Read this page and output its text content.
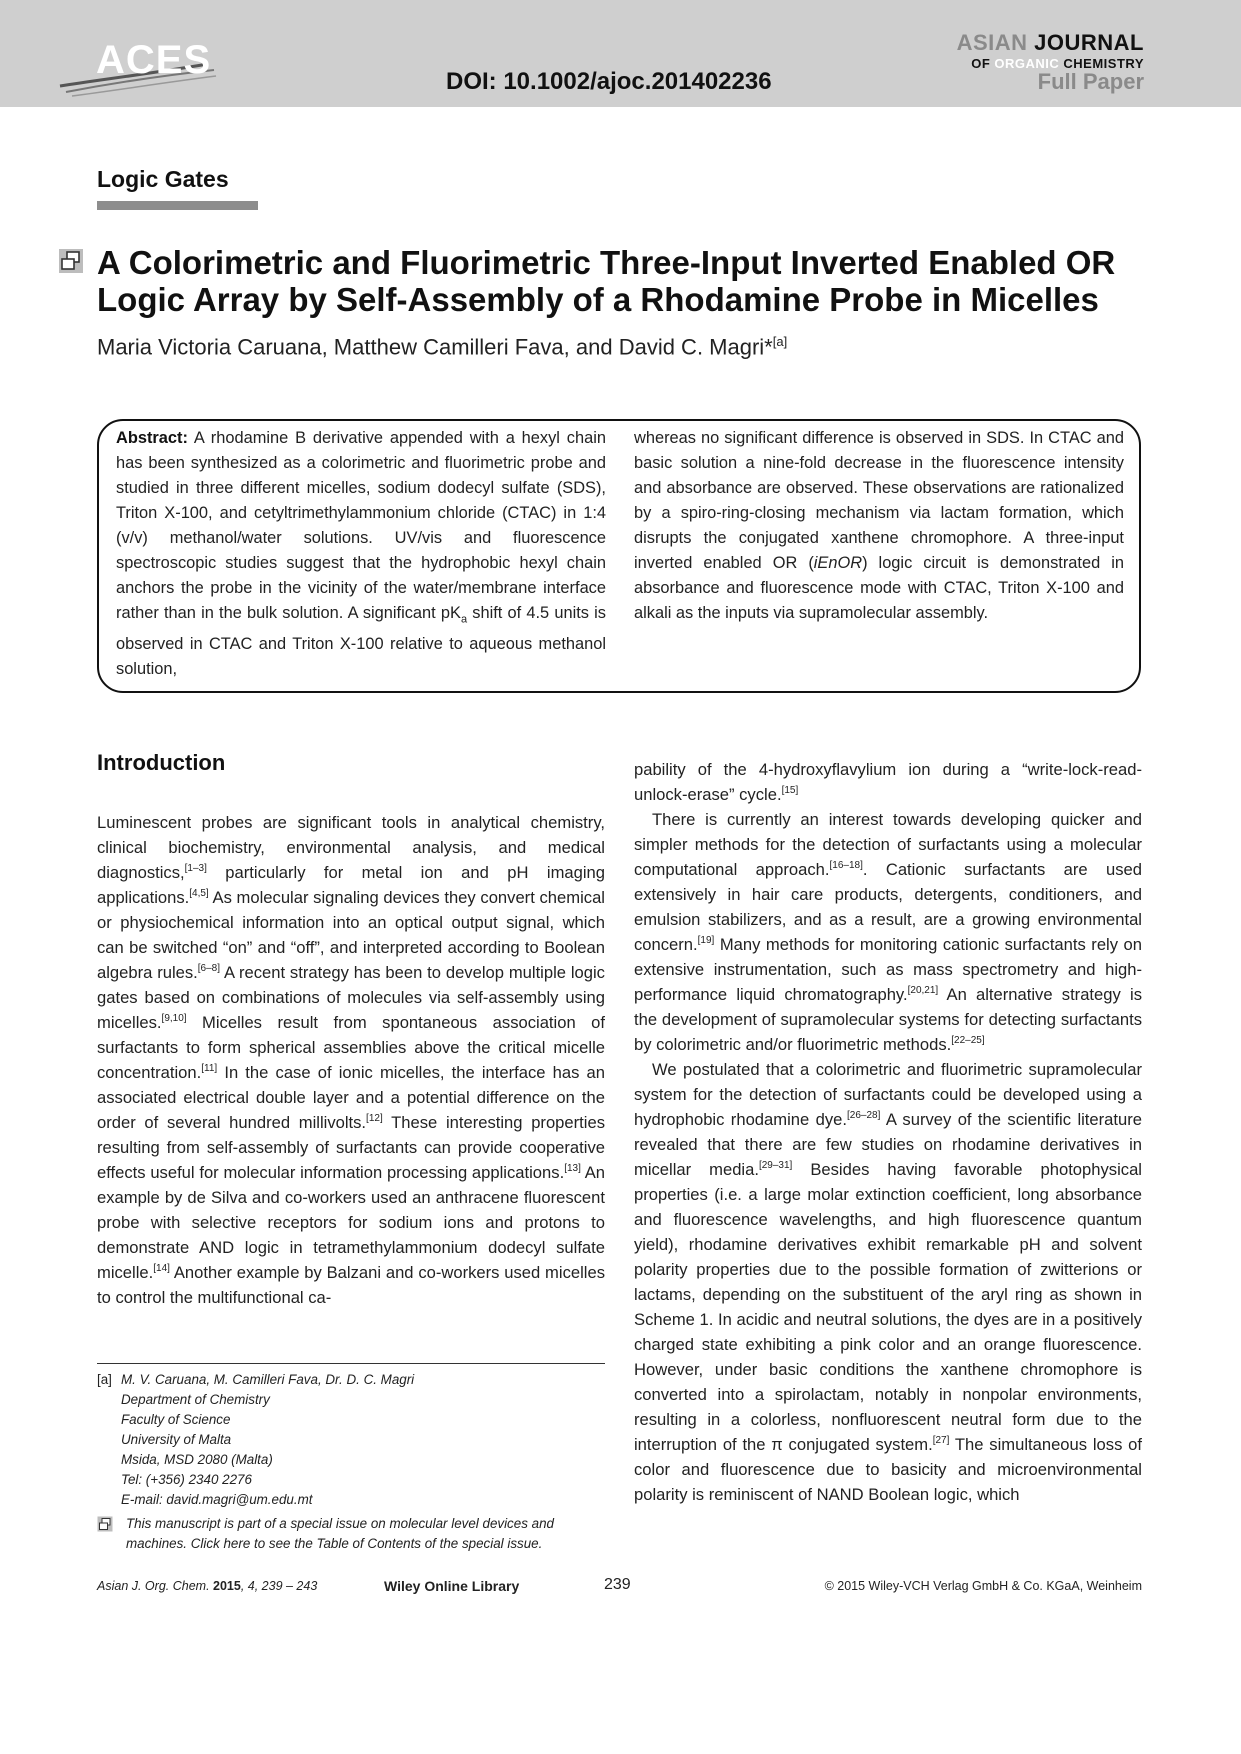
ACES	DOI: 10.1002/ajoc.201402236
ASIAN JOURNAL
OF ORGANIC CHEMISTRY
Full Paper
Logic Gates
A Colorimetric and Fluorimetric Three-Input Inverted Enabled OR
Logic Array by Self-Assembly of a Rhodamine Probe in Micelles
Maria Victoria Caruana, Matthew Camilleri Fava, and David C. Magri*[a]
Abstract: A rhodamine B derivative appended with a hexyl chain has been synthesized as a colorimetric and fluorimetric probe and studied in three different micelles, sodium dodecyl sulfate (SDS), Triton X-100, and cetyltrimethylammonium chloride (CTAC) in 1:4 (v/v) methanol/water solutions. UV/vis and fluorescence spectroscopic studies suggest that the hydrophobic hexyl chain anchors the probe in the vicinity of the water/membrane interface rather than in the bulk solution. A significant $pK_a$ shift of 4.5 units is observed in CTAC and Triton X-100 relative to aqueous methanol solution,
whereas no significant difference is observed in SDS. In CTAC and basic solution a nine-fold decrease in the fluorescence intensity and absorbance are observed. These observations are rationalized by a spiro-ring-closing mechanism via lactam formation, which disrupts the conjugated xanthene chromophore. A three-input inverted enabled OR (iEnOR) logic circuit is demonstrated in absorbance and fluorescence mode with CTAC, Triton X-100 and alkali as the inputs via supramolecular assembly.
Introduction

Luminescent probes are significant tools in analytical chemistry, clinical biochemistry, environmental analysis, and medical diagnostics,[1–3] particularly for metal ion and pH imaging applications.[4,5] As molecular signaling devices they convert chemical or physiochemical information into an optical output signal, which can be switched “on” and “off”, and interpreted according to Boolean algebra rules.[6–8] A recent strategy has been to develop multiple logic gates based on combinations of molecules via self-assembly using micelles.[9,10] Micelles result from spontaneous association of surfactants to form spherical assemblies above the critical micelle concentration.[11] In the case of ionic micelles, the interface has an associated electrical double layer and a potential difference on the order of several hundred millivolts.[12] These interesting properties resulting from self-assembly of surfactants can provide cooperative effects useful for molecular information processing applications.[13] An example by de Silva and co-workers used an anthracene fluorescent probe with selective receptors for sodium ions and protons to demonstrate AND logic in tetramethylammonium dodecyl sulfate micelle.[14] Another example by Balzani and co-workers used micelles to control the multifunctional ca-

pability of the 4-hydroxyflavylium ion during a “write-lock-read-unlock-erase” cycle.[15]

There is currently an interest towards developing quicker and simpler methods for the detection of surfactants using a molecular computational approach.[16–18]. Cationic surfactants are used extensively in hair care products, detergents, conditioners, and emulsion stabilizers, and as a result, are a growing environmental concern.[19] Many methods for monitoring cationic surfactants rely on extensive instrumentation, such as mass spectrometry and high-performance liquid chromatography.[20,21] An alternative strategy is the development of supramolecular systems for detecting surfactants by colorimetric and/or fluorimetric methods.[22–25]

We postulated that a colorimetric and fluorimetric supramolecular system for the detection of surfactants could be developed using a hydrophobic rhodamine dye.[26–28] A survey of the scientific literature revealed that there are few studies on rhodamine derivatives in micellar media.[29–31] Besides having favorable photophysical properties (i.e. a large molar extinction coefficient, long absorbance and fluorescence wavelengths, and high fluorescence quantum yield), rhodamine derivatives exhibit remarkable pH and solvent polarity properties due to the possible formation of zwitterions or lactams, depending on the substituent of the aryl ring as shown in Scheme 1. In acidic and neutral solutions, the dyes are in a positively charged state exhibiting a pink color and an orange fluorescence. However, under basic conditions the xanthene chromophore is converted into a spirolactam, notably in nonpolar environments, resulting in a colorless, nonfluorescent neutral form due to the interruption of the π conjugated system.[27] The simultaneous loss of color and fluorescence due to basicity and microenvironmental polarity is reminiscent of NAND Boolean logic, which

[a] M. V. Caruana, M. Camilleri Fava, Dr. D. C. Magri
Department of Chemistry
Faculty of Science
University of Malta
Msida, MSD 2080 (Malta)
Tel: (+356) 2340 2276
E-mail: david.magri@um.edu.mt
This manuscript is part of a special issue on molecular level devices and machines. Click here to see the Table of Contents of the special issue.
Asian J. Org. Chem. 2015, 4, 239 – 243	Wiley Online Library	239	© 2015 Wiley-VCH Verlag GmbH & Co. KGaA, Weinheim
